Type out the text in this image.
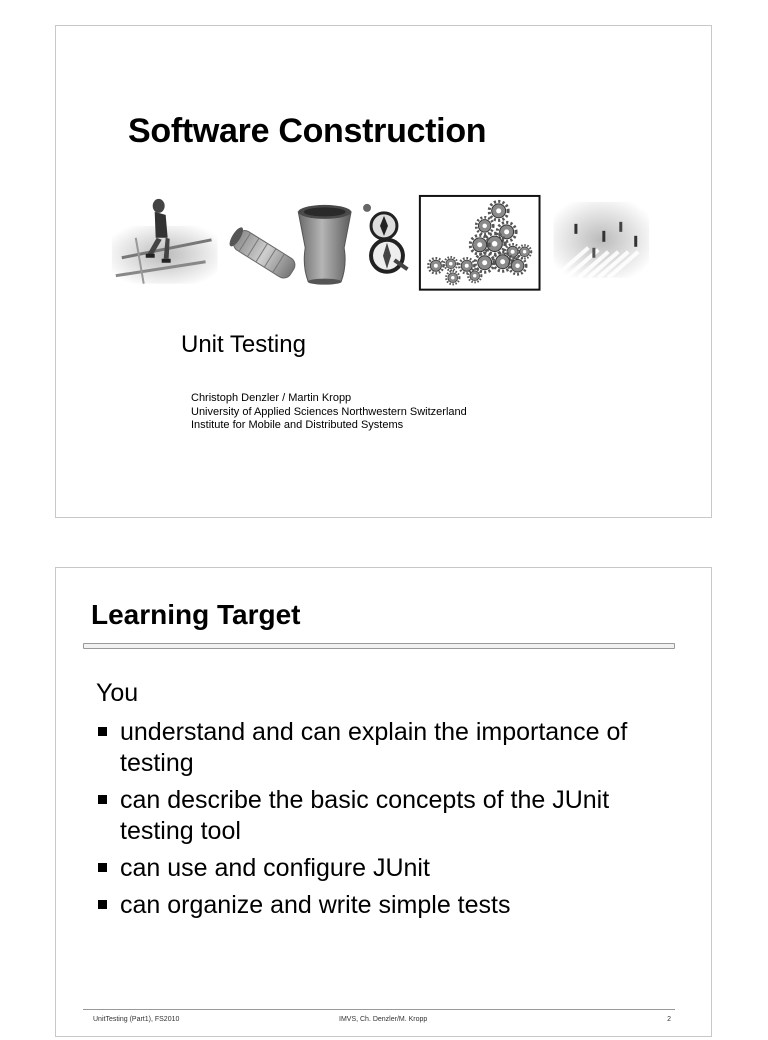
Software Construction
Unit Testing
Christoph Denzler / Martin Kropp
University of Applied Sciences Northwestern Switzerland
Institute for Mobile and Distributed Systems
Learning Target
You
understand and can explain the importance of testing
can describe the basic concepts of the JUnit testing tool
can use and configure JUnit
can organize and write simple tests
UnitTesting (Part1), FS2010	IMVS, Ch. Denzler/M. Kropp	2
